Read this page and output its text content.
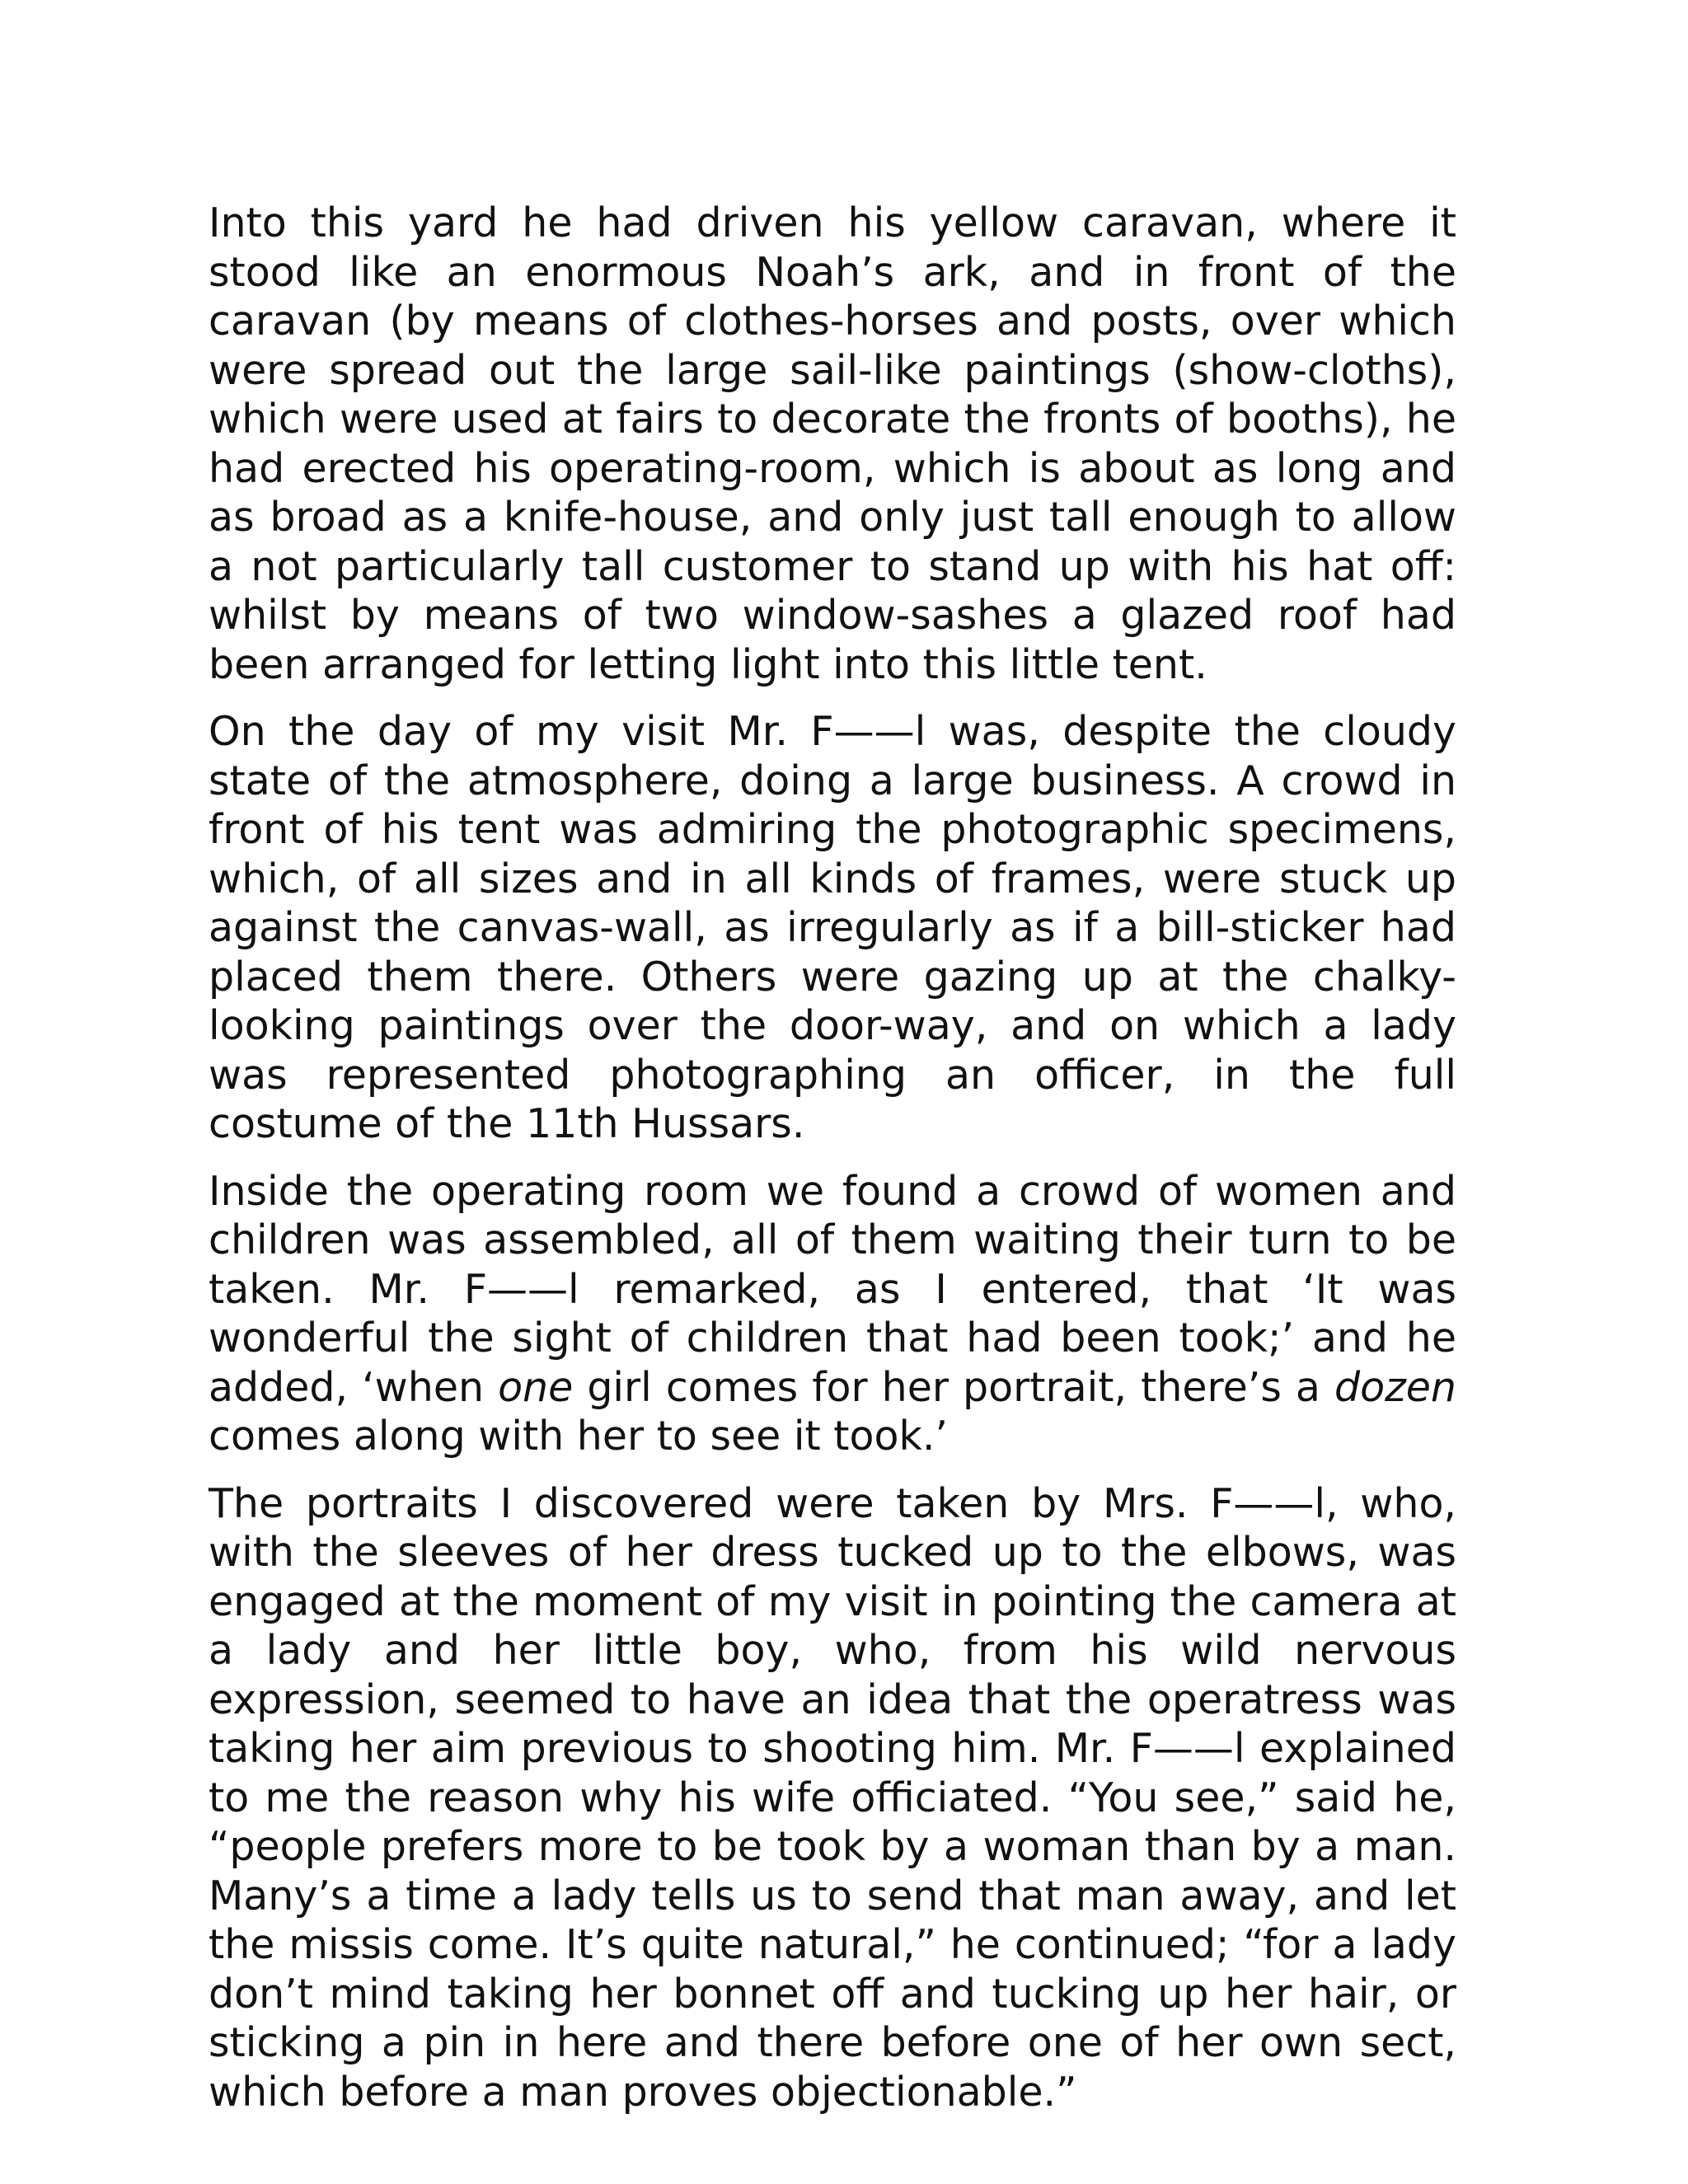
Into this yard he had driven his yellow caravan, where it stood like an enormous Noah’s ark, and in front of the caravan (by means of clothes-horses and posts, over which were spread out the large sail-like paintings (show-cloths), which were used at fairs to decorate the fronts of booths), he had erected his operating-room, which is about as long and as broad as a knife-house, and only just tall enough to allow a not particularly tall customer to stand up with his hat off: whilst by means of two window-sashes a glazed roof had been arranged for letting light into this little tent.

On the day of my visit Mr. F——l was, despite the cloudy state of the atmosphere, doing a large business. A crowd in front of his tent was admiring the photographic specimens, which, of all sizes and in all kinds of frames, were stuck up against the canvas-wall, as irregularly as if a bill-sticker had placed them there. Others were gazing up at the chalky-looking paintings over the door-way, and on which a lady was represented photographing an officer, in the full costume of the 11th Hussars.

Inside the operating room we found a crowd of women and children was assembled, all of them waiting their turn to be taken. Mr. F——l remarked, as I entered, that ‘It was wonderful the sight of children that had been took;’ and he added, ‘when one girl comes for her portrait, there’s a dozen comes along with her to see it took.’

The portraits I discovered were taken by Mrs. F——l, who, with the sleeves of her dress tucked up to the elbows, was engaged at the moment of my visit in pointing the camera at a lady and her little boy, who, from his wild nervous expression, seemed to have an idea that the operatress was taking her aim previous to shooting him. Mr. F——l explained to me the reason why his wife officiated. “You see,” said he, “people prefers more to be took by a woman than by a man. Many’s a time a lady tells us to send that man away, and let the missis come. It’s quite natural,” he continued; “for a lady don’t mind taking her bonnet off and tucking up her hair, or sticking a pin in here and there before one of her own sect, which before a man proves objectionable.”
